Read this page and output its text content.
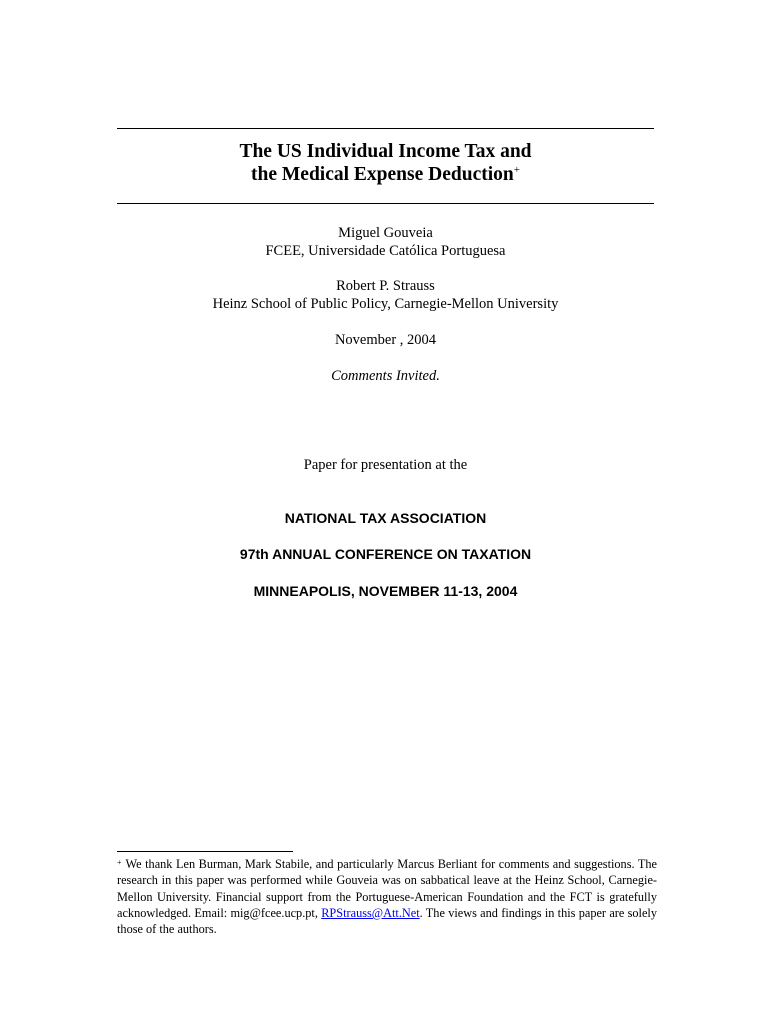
The US Individual Income Tax and
the Medical Expense Deduction+
Miguel Gouveia
FCEE, Universidade Católica Portuguesa
Robert P. Strauss
Heinz School of Public Policy, Carnegie-Mellon University
November , 2004
Comments Invited.
Paper for presentation at the
NATIONAL TAX ASSOCIATION
97th ANNUAL CONFERENCE ON TAXATION
MINNEAPOLIS, NOVEMBER 11-13, 2004
+ We thank Len Burman, Mark Stabile, and particularly Marcus Berliant for comments and suggestions. The research in this paper was performed while Gouveia was on sabbatical leave at the Heinz School, Carnegie-Mellon University. Financial support from the Portuguese-American Foundation and the FCT is gratefully acknowledged. Email: mig@fcee.ucp.pt, RPStrauss@Att.Net. The views and findings in this paper are solely those of the authors.
